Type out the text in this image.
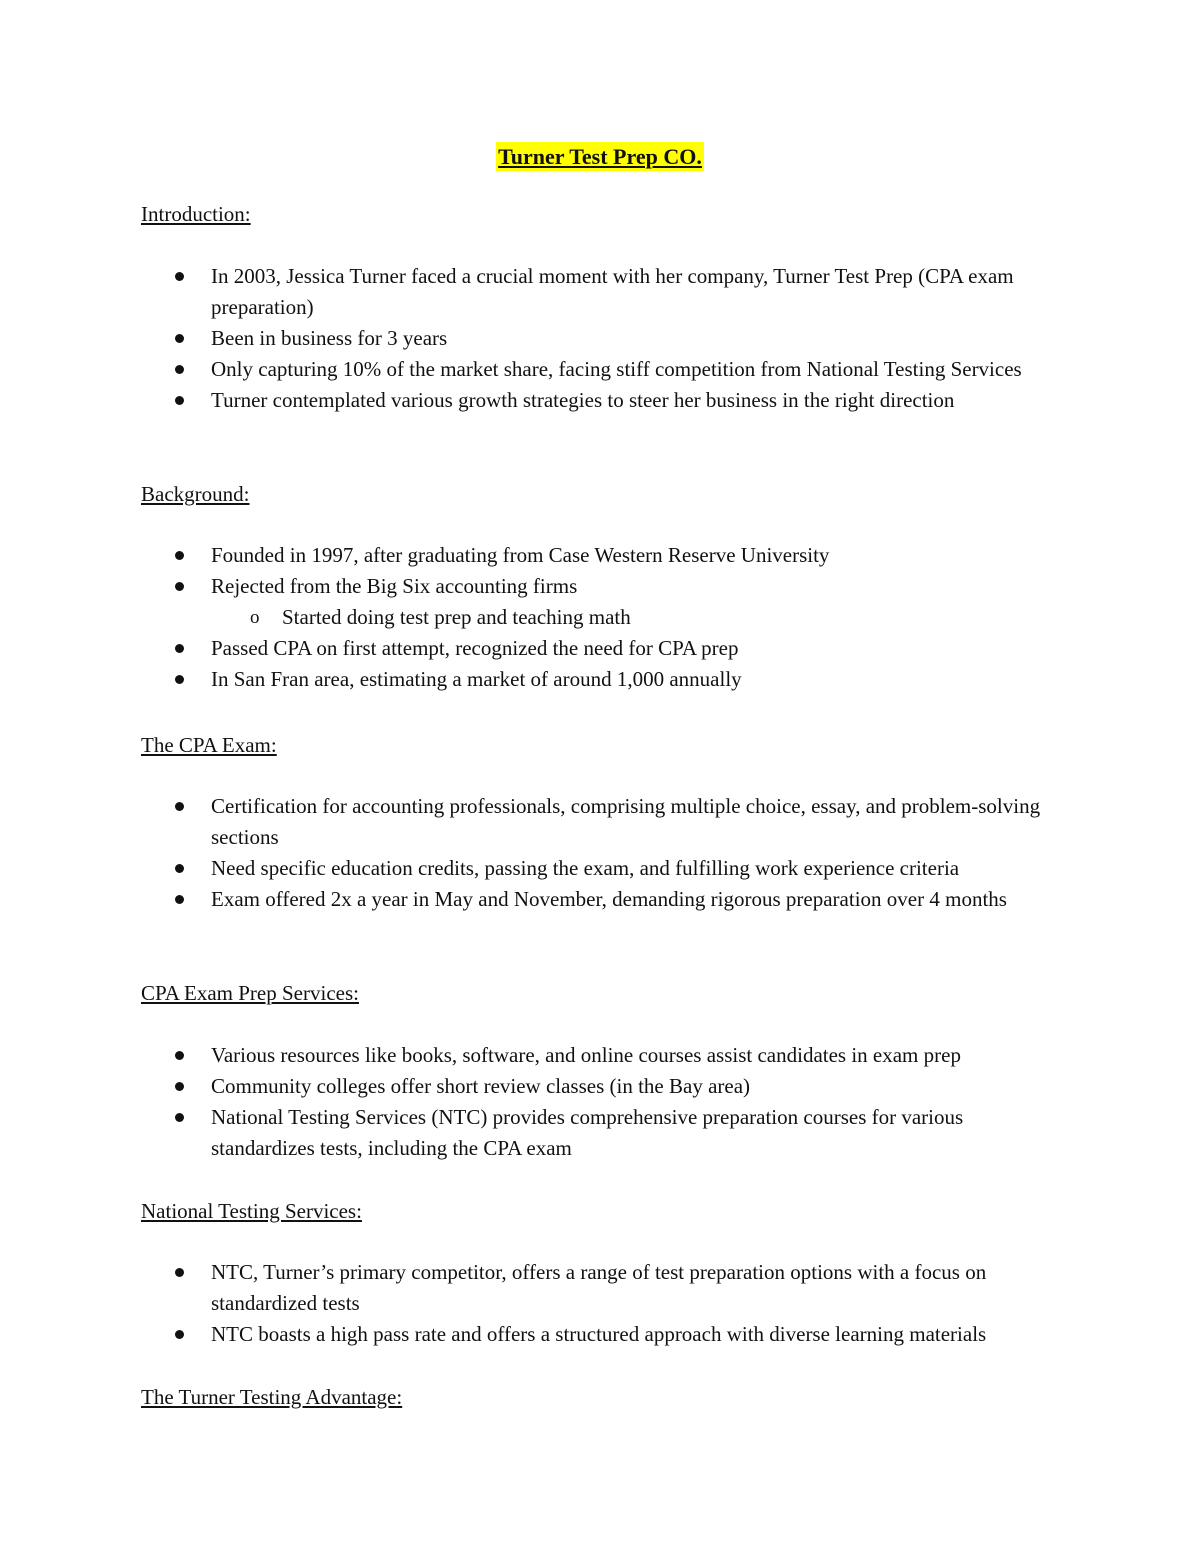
Turner Test Prep CO.
Introduction:
In 2003, Jessica Turner faced a crucial moment with her company, Turner Test Prep (CPA exam preparation)
Been in business for 3 years
Only capturing 10% of the market share, facing stiff competition from National Testing Services
Turner contemplated various growth strategies to steer her business in the right direction
Background:
Founded in 1997, after graduating from Case Western Reserve University
Rejected from the Big Six accounting firms
o Started doing test prep and teaching math
Passed CPA on first attempt, recognized the need for CPA prep
In San Fran area, estimating a market of around 1,000 annually
The CPA Exam:
Certification for accounting professionals, comprising multiple choice, essay, and problem-solving sections
Need specific education credits, passing the exam, and fulfilling work experience criteria
Exam offered 2x a year in May and November, demanding rigorous preparation over 4 months
CPA Exam Prep Services:
Various resources like books, software, and online courses assist candidates in exam prep
Community colleges offer short review classes (in the Bay area)
National Testing Services (NTC) provides comprehensive preparation courses for various standardizes tests, including the CPA exam
National Testing Services:
NTC, Turner’s primary competitor, offers a range of test preparation options with a focus on standardized tests
NTC boasts a high pass rate and offers a structured approach with diverse learning materials
The Turner Testing Advantage:
